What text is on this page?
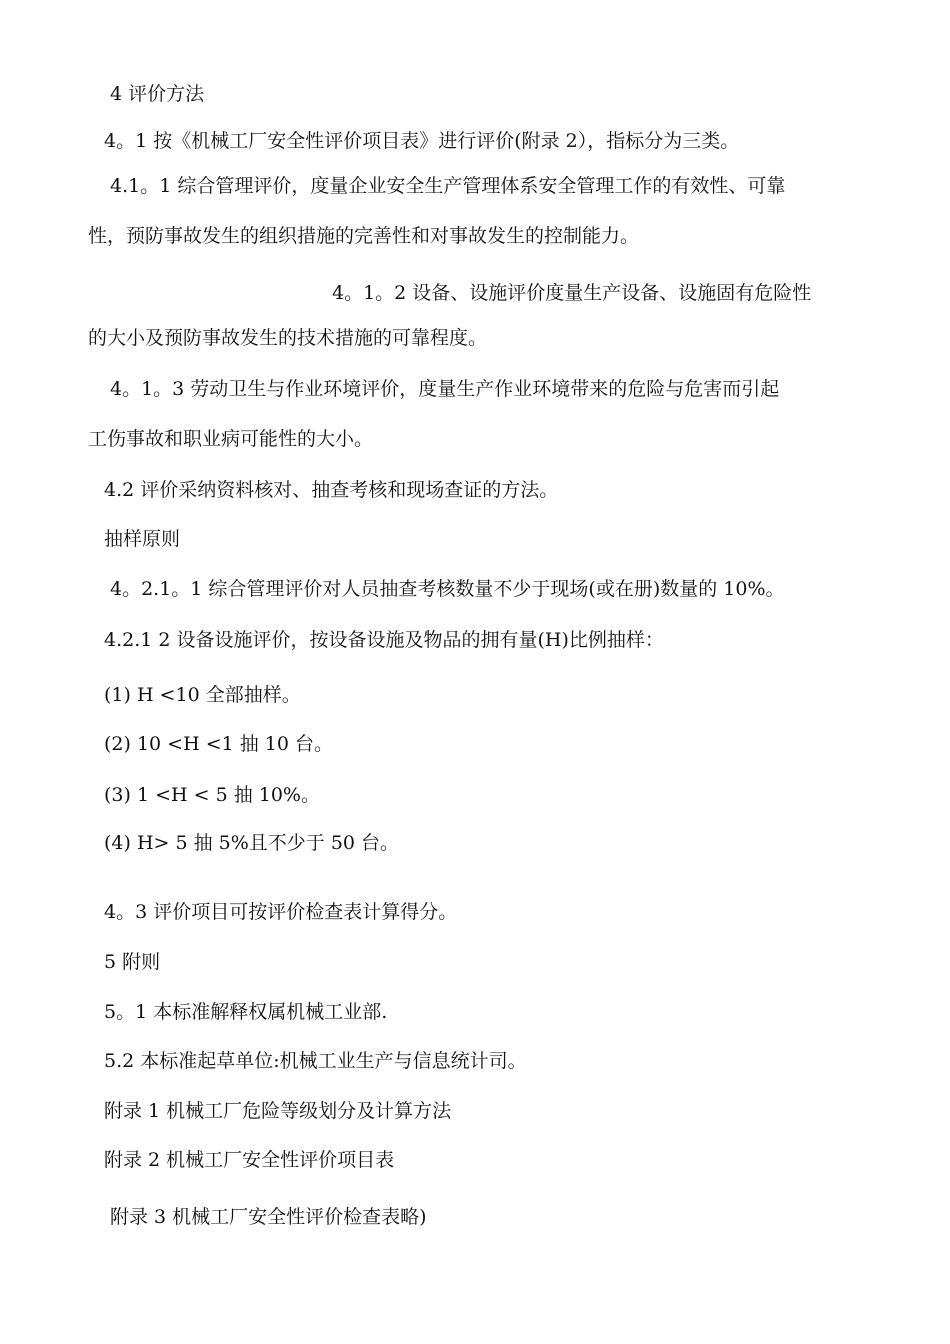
4 评价方法

4。1 按《机械工厂安全性评价项目表》进行评价(附录 2），指标分为三类。

4.1。1 综合管理评价，度量企业安全生产管理体系安全管理工作的有效性、可靠

性，预防事故发生的组织措施的完善性和对事故发生的控制能力。

4。1。2 设备、设施评价度量生产设备、设施固有危险性

的大小及预防事故发生的技术措施的可靠程度。

4。1。3 劳动卫生与作业环境评价，度量生产作业环境带来的危险与危害而引起

工伤事故和职业病可能性的大小。

4.2 评价采纳资料核对、抽查考核和现场查证的方法。

抽样原则

4。2.1。1 综合管理评价对人员抽查考核数量不少于现场(或在册)数量的 10%。

4.2.1 2 设备设施评价，按设备设施及物品的拥有量(H)比例抽样：

(1) H <10 全部抽样。

(2) 10 <H <1 抽 10 台。

(3) 1 <H < 5 抽 10%。

(4) H> 5 抽 5%且不少于 50 台。

4。3 评价项目可按评价检查表计算得分。

5 附则

5。1 本标准解释权属机械工业部.

5.2 本标准起草单位:机械工业生产与信息统计司。

附录 1 机械工厂危险等级划分及计算方法

附录 2 机械工厂安全性评价项目表

附录 3 机械工厂安全性评价检查表略)
